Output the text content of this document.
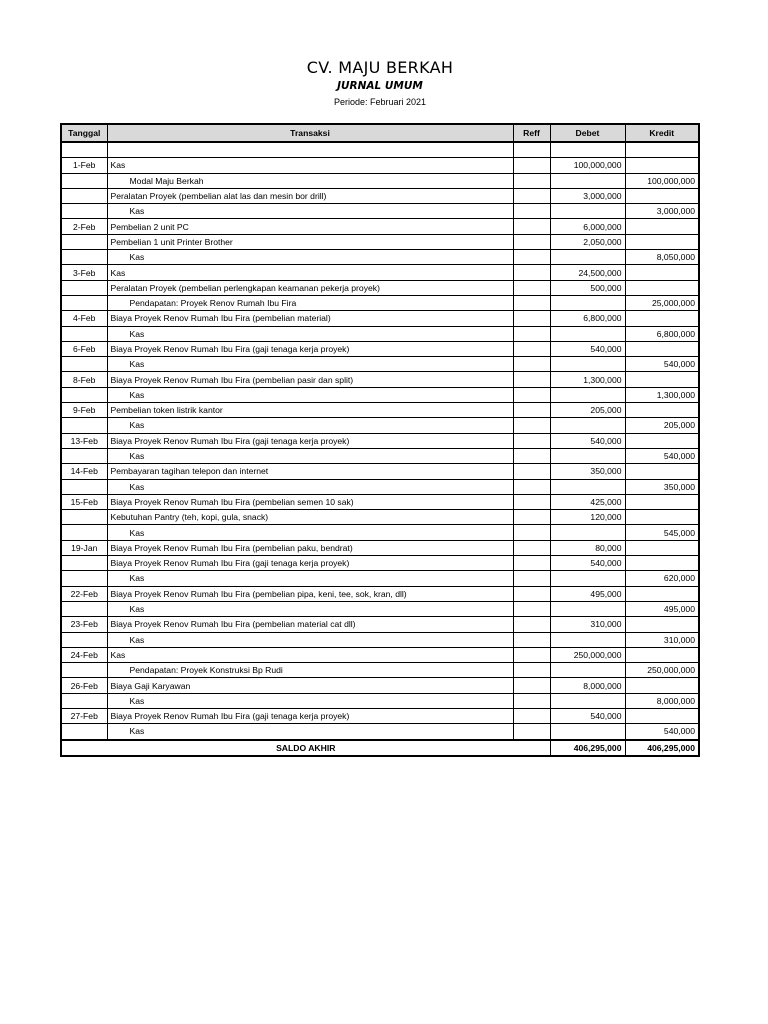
CV. MAJU BERKAH
JURNAL UMUM
Periode: Februari 2021
Tanggal	Transaksi	Reff	Debet	Kredit

1-Feb	Kas		100,000,000	
	Modal Maju Berkah			100,000,000
	Peralatan Proyek (pembelian alat las dan mesin bor drill)		3,000,000	
	Kas			3,000,000
2-Feb	Pembelian 2 unit PC		6,000,000	
	Pembelian 1 unit Printer Brother		2,050,000	
	Kas			8,050,000
3-Feb	Kas		24,500,000	
	Peralatan Proyek (pembelian perlengkapan keamanan pekerja proyek)		500,000	
	Pendapatan: Proyek Renov Rumah Ibu Fira			25,000,000
4-Feb	Biaya Proyek Renov Rumah Ibu Fira (pembelian material)		6,800,000	
	Kas			6,800,000
6-Feb	Biaya Proyek Renov Rumah Ibu Fira (gaji tenaga kerja proyek)		540,000	
	Kas			540,000
8-Feb	Biaya Proyek Renov Rumah Ibu Fira (pembelian pasir dan split)		1,300,000	
	Kas			1,300,000
9-Feb	Pembelian token listrik kantor		205,000	
	Kas			205,000
13-Feb	Biaya Proyek Renov Rumah Ibu Fira (gaji tenaga kerja proyek)		540,000	
	Kas			540,000
14-Feb	Pembayaran tagihan telepon dan internet		350,000	
	Kas			350,000
15-Feb	Biaya Proyek Renov Rumah Ibu Fira (pembelian semen 10 sak)		425,000	
	Kebutuhan Pantry (teh, kopi, gula, snack)		120,000	
	Kas			545,000
19-Jan	Biaya Proyek Renov Rumah Ibu Fira (pembelian paku, bendrat)		80,000	
	Biaya Proyek Renov Rumah Ibu Fira (gaji tenaga kerja proyek)		540,000	
	Kas			620,000
22-Feb	Biaya Proyek Renov Rumah Ibu Fira (pembelian pipa, keni, tee, sok, kran, dll)		495,000	
	Kas			495,000
23-Feb	Biaya Proyek Renov Rumah Ibu Fira (pembelian material cat dll)		310,000	
	Kas			310,000
24-Feb	Kas		250,000,000	
	Pendapatan: Proyek Konstruksi Bp Rudi			250,000,000
26-Feb	Biaya Gaji Karyawan		8,000,000	
	Kas			8,000,000
27-Feb	Biaya Proyek Renov Rumah Ibu Fira (gaji tenaga kerja proyek)		540,000	
	Kas			540,000
SALDO AKHIR			406,295,000	406,295,000
